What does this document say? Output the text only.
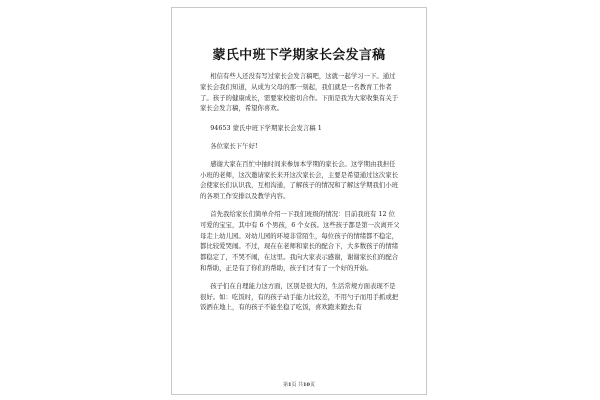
蒙氏中班下学期家长会发言稿

相信有些人还没有写过家长会发言稿吧，这就一起学习一下。通过家长会我们知道，从成为父母的那一刻起，我们就是一名教育工作者了。孩子的健康成长，需要家校密切合作。下面是我为大家收集有关于家长会发言稿，希望你喜欢。

94653 蒙氏中班下学期家长会发言稿 1

各位家长下午好!

感谢大家在百忙中抽时间来参加本学期的家长会。这学期由我担任小班的老师，这次邀请家长来开这次家长会，主要是希望通过这次家长会使家长们认识我，互相沟通，了解孩子的情况和了解这学期我们小班的各项工作安排以及教学内容。

首先我给家长们简单介绍一下我们班级的情况：目前我班有 12 位可爱的宝宝，其中有 6 个男孩，6 个女孩。这些孩子都是第一次离开父母走上幼儿园。对幼儿园的环境非常陌生，每位孩子的情绪都不稳定，都比较爱哭闹。不过，现在在老师和家长的配合下，大多数孩子的情绪都稳定了，不哭不闹，在这里。我向大家表示感谢，谢谢家长们的配合和帮助，正是有了你们的帮助，孩子们才有了一个好的开始。

孩子们在自理能力这方面，区别是很大的，生活常规方面表现不是很好。如：吃饭时，有的孩子动手能力比较差，不用勺子而用手抓或把饭洒在地上，有的孩子不能坐稳了吃饭，喜欢跑来跑去;有

第1页 共10页
